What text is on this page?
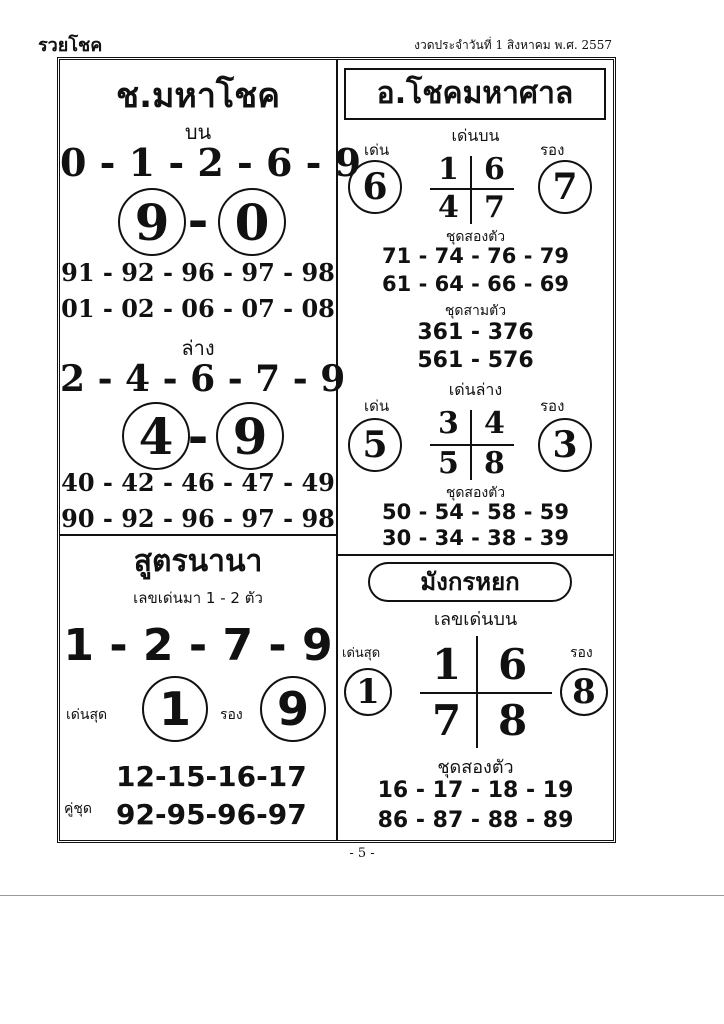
รวยโชค	งวดประจำวันที่ 1 สิงหาคม พ.ศ. 2557
ช.มหาโชค
บน
0 - 1 - 2 - 6 - 9
9 - 0
91 - 92 - 96 - 97 - 98
01 - 02 - 06 - 07 - 08
ล่าง
2 - 4 - 6 - 7 - 9
4 - 9
40 - 42 - 46 - 47 - 49
90 - 92 - 96 - 97 - 98
สูตรนานา
เลขเด่นมา 1 - 2 ตัว
1 - 2 - 7 - 9
เด่นสุด 1 รอง 9
คู่ชุด
12-15-16-17
92-95-96-97
อ.โชคมหาศาล
เด่นบน
เด่น	รอง
6	7
1 6
4 7
ชุดสองตัว
71 - 74 - 76 - 79
61 - 64 - 66 - 69
ชุดสามตัว
361 - 376
561 - 576
เด่นล่าง
เด่น	รอง
5	3
3 4
5 8
ชุดสองตัว
50 - 54 - 58 - 59
30 - 34 - 38 - 39
มังกรหยก
เลขเด่นบน
เด่นสุด	รอง
1	8
1 6
7 8
ชุดสองตัว
16 - 17 - 18 - 19
86 - 87 - 88 - 89
- 5 -
